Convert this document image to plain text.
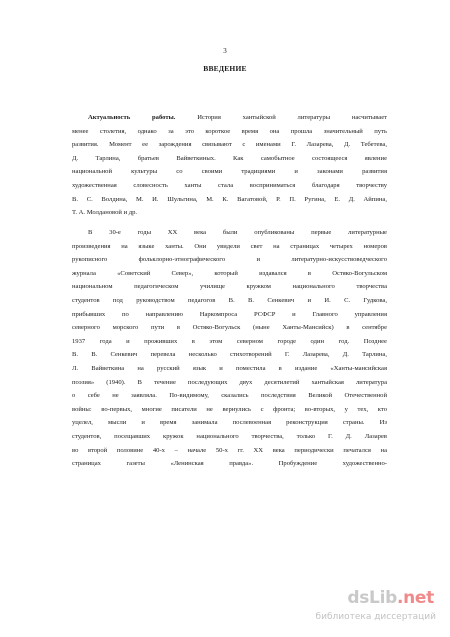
3
ВВЕДЕНИЕ
Актуальность работы. История хантыйской литературы насчитывает
менее столетия, однако за это короткое время она прошла значительный путь
развития. Момент ее зарождения связывают с именами Г. Лазарева, Д. Тебетева,
Д. Тарлина, братьев Вайветкиных. Как самобытное состоящееся явление
национальной культуры со своими традициями и законами развития
художественная словесность ханты стала восприниматься благодаря творчеству
В. С. Волдина, М. И. Шульгина, М. К. Вагатовой, Р. П. Ругина, Е. Д. Айпина,
Т. А. Молдановой и др.
В 30-е годы XX века были опубликованы первые литературные
произведения на языке ханты. Они увидели свет на страницах четырех номеров
рукописного фольклорно-этнографического и литературно-искусствоведческого
журнала «Советский Север», который издавался в Остяко-Вогульском
национальном педагогическом училище кружком национального творчества
студентов под руководством педагогов В. В. Сенкевич и И. С. Гудкова,
прибывших по направлению Наркомпроса РСФСР и Главного управления
северного морского пути в Остяко-Вогульск (ныне Ханты-Мансийск) в сентябре
1937 года и проживших в этом северном городе один год. Позднее
В. В. Сенкевич перевела несколько стихотворений Г. Лазарева, Д. Тарлина,
Л. Вайветкина на русский язык и поместила в издание «Ханты-мансийская
поэзия» (1940). В течение последующих двух десятилетий хантыйская литература
о себе не заявляла. По-видимому, сказались последствия Великой Отечественной
войны: во-первых, многие писатели не вернулись с фронта; во-вторых, у тех, кто
уцелел, мысли и время занимала послевоенная реконструкция страны. Из
студентов, посещавших кружок национального творчества, только Г. Д. Лазарев
во второй половине 40-х – начале 50-х гг. XX века периодически печатался на
страницах газеты «Ленинская правда». Пробуждение художественно-
dsLib.net
библиотека диссертаций
